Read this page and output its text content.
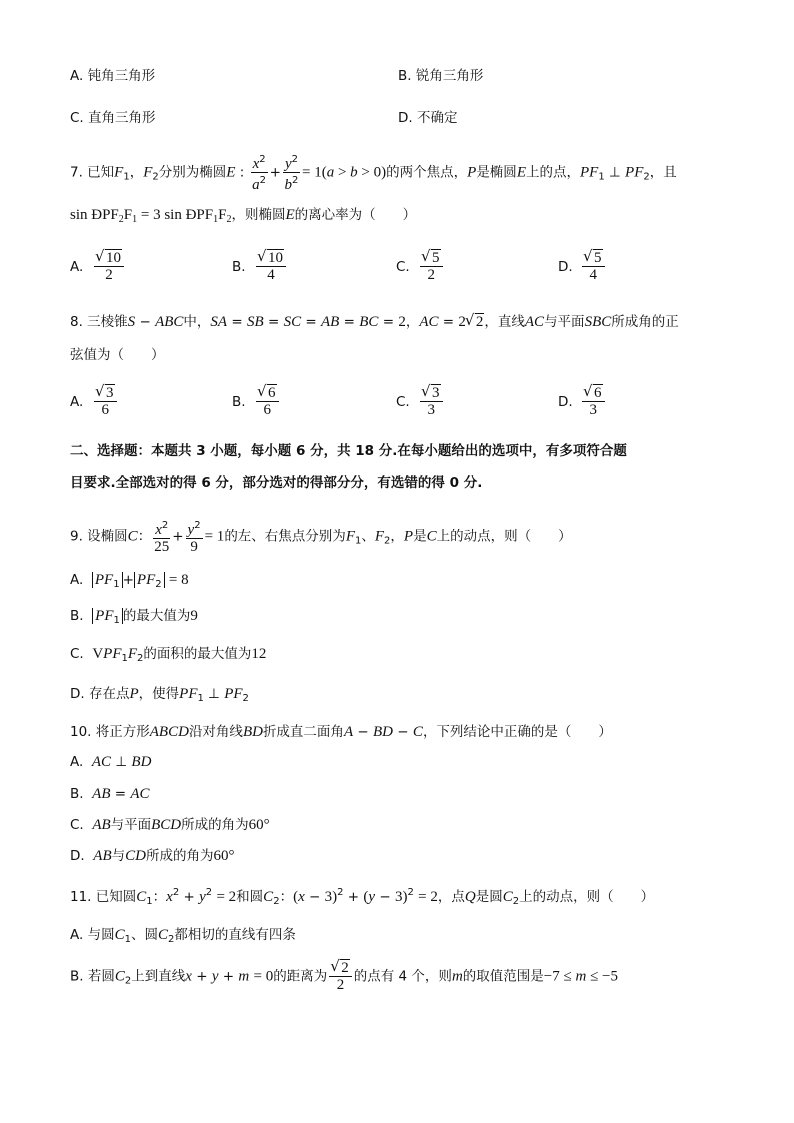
A. 钝角三角形	B. 锐角三角形
C. 直角三角形	D. 不确定
7. 已知$F_1$，$F_2$分别为椭圆E : $\frac{x^2}{a^2} + \frac{y^2}{b^2} = 1(a > b > 0)$的两个焦点，P是椭圆E上的点，$PF_1$ ⊥ $PF_2$，且
$\sin ÐPF_2F_1 = 3$ $\sin ÐPF_1F_2$，则椭圆E的离心率为（　　）
A. √ $\frac{10}{2}$	B. √ $\frac{10}{4}$	C. √ $\frac{5}{2}$	D. √ $\frac{5}{4}$
8. 三棱锥S − ABC中，SA = SB = SC = AB = BC = 2，AC = 2 √ 2，直线AC与平面SBC所成角的正
弦值为（　　）
A. √ $\frac{3}{6}$	B. √ $\frac{6}{6}$	C. √ $\frac{3}{3}$	D. √ $\frac{6}{3}$
二、选择题：本题共 3 小题，每小题 6 分，共 18 分.在每小题给出的选项中，有多项符合题
目要求.全部选对的得 6 分，部分选对的得部分分，有选错的得 0 分.
9. 设椭圆C： $\frac{x^2}{25} + \frac{y^2}{9} = 1$的左、右焦点分别为$F_1$、$F_2$，P是C上的动点，则（　　）
A. $PF_1 + PF_2 = 8$
B. $PF_1$ 的最大值为9
C. $VPF_1F_2$的面积的最大值为12
D. 存在点P，使得$PF_1$ ⊥ $PF_2$
10. 将正方形ABCD沿对角线BD折成直二面角A − BD − C，下列结论中正确的是（　　）
A. AC ⊥ BD
B. AB = AC
C. AB与平面BCD所成的角为60°
D. AB与CD所成的角为60°
11. 已知圆$C_1$：$x^2 + y^2 = 2$和圆$C_2$：$(x - 3)^2 + (y - 3)^2 = 2$，点Q是圆$C_2$上的动点，则（　　）
A. 与圆$C_1$、圆$C_2$都相切的直线有四条
B. 若圆$C_2$上到直线x + y + m = 0的距离为 √ $\frac{2}{2}$ 的点有 4 个，则m的取值范围是−7 ≤ m ≤ −5
